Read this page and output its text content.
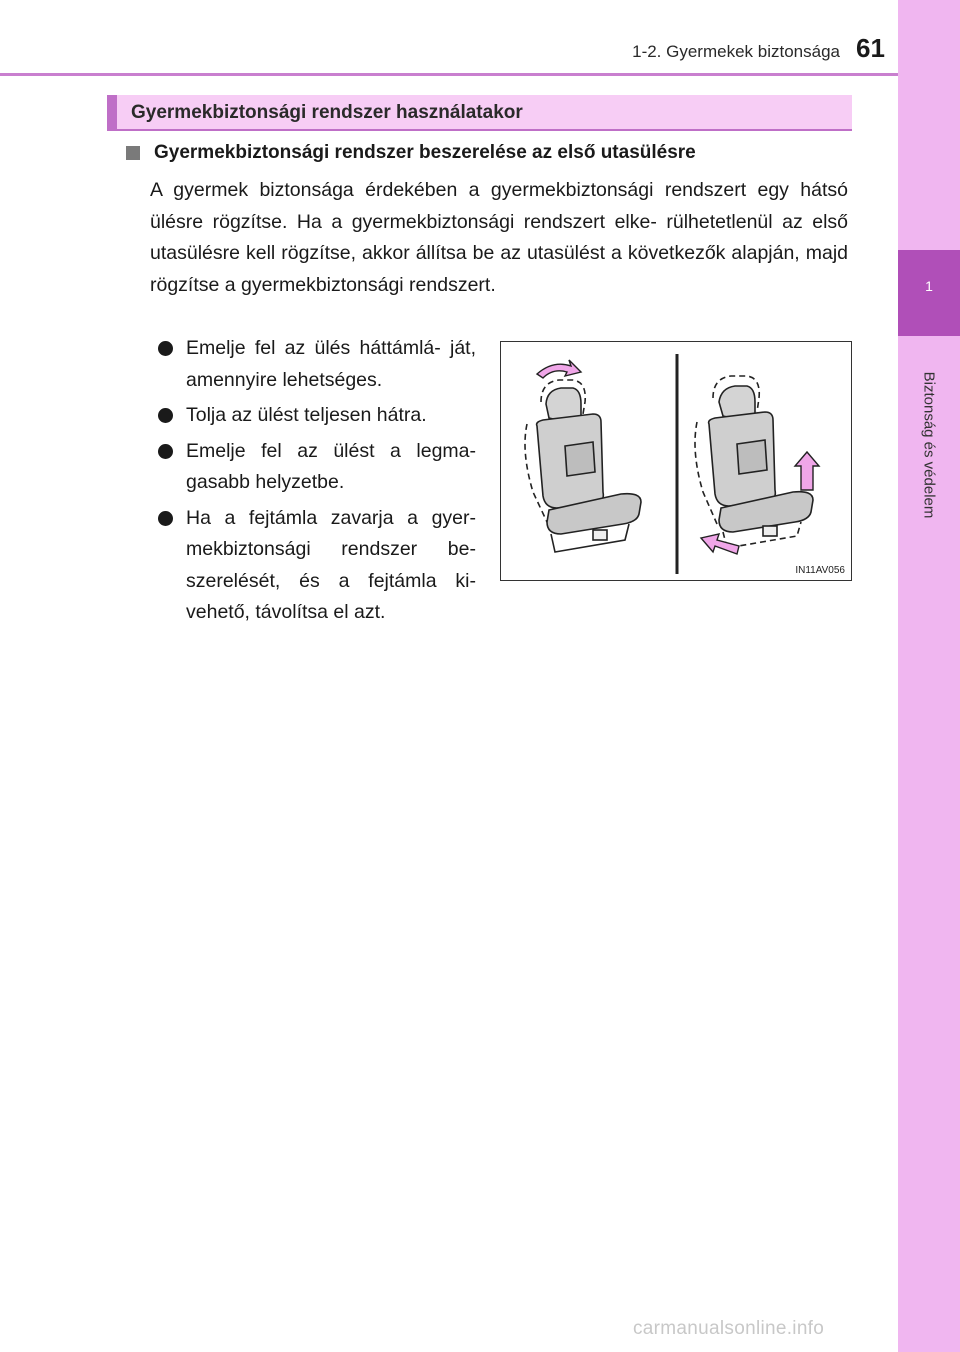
1
Biztonság és védelem
1-2. Gyermekek biztonsága 61
Gyermekbiztonsági rendszer használatakor
Gyermekbiztonsági rendszer beszerelése az első utasülésre
A gyermek biztonsága érdekében a gyermekbiztonsági rendszert egy hátsó ülésre rögzítse. Ha a gyermekbiztonsági rendszert elke- rülhetetlenül az első utasülésre kell rögzítse, akkor állítsa be az utasülést a következők alapján, majd rögzítse a gyermekbiztonsági rendszert.
Emelje fel az ülés háttámlá- ját, amennyire lehetséges.
Tolja az ülést teljesen hátra.
Emelje fel az ülést a legma- gasabb helyzetbe.
Ha a fejtámla zavarja a gyer- mekbiztonsági rendszer be- szerelését, és a fejtámla ki- vehető, távolítsa el azt.
IN11AV056
carmanualsonline.info
